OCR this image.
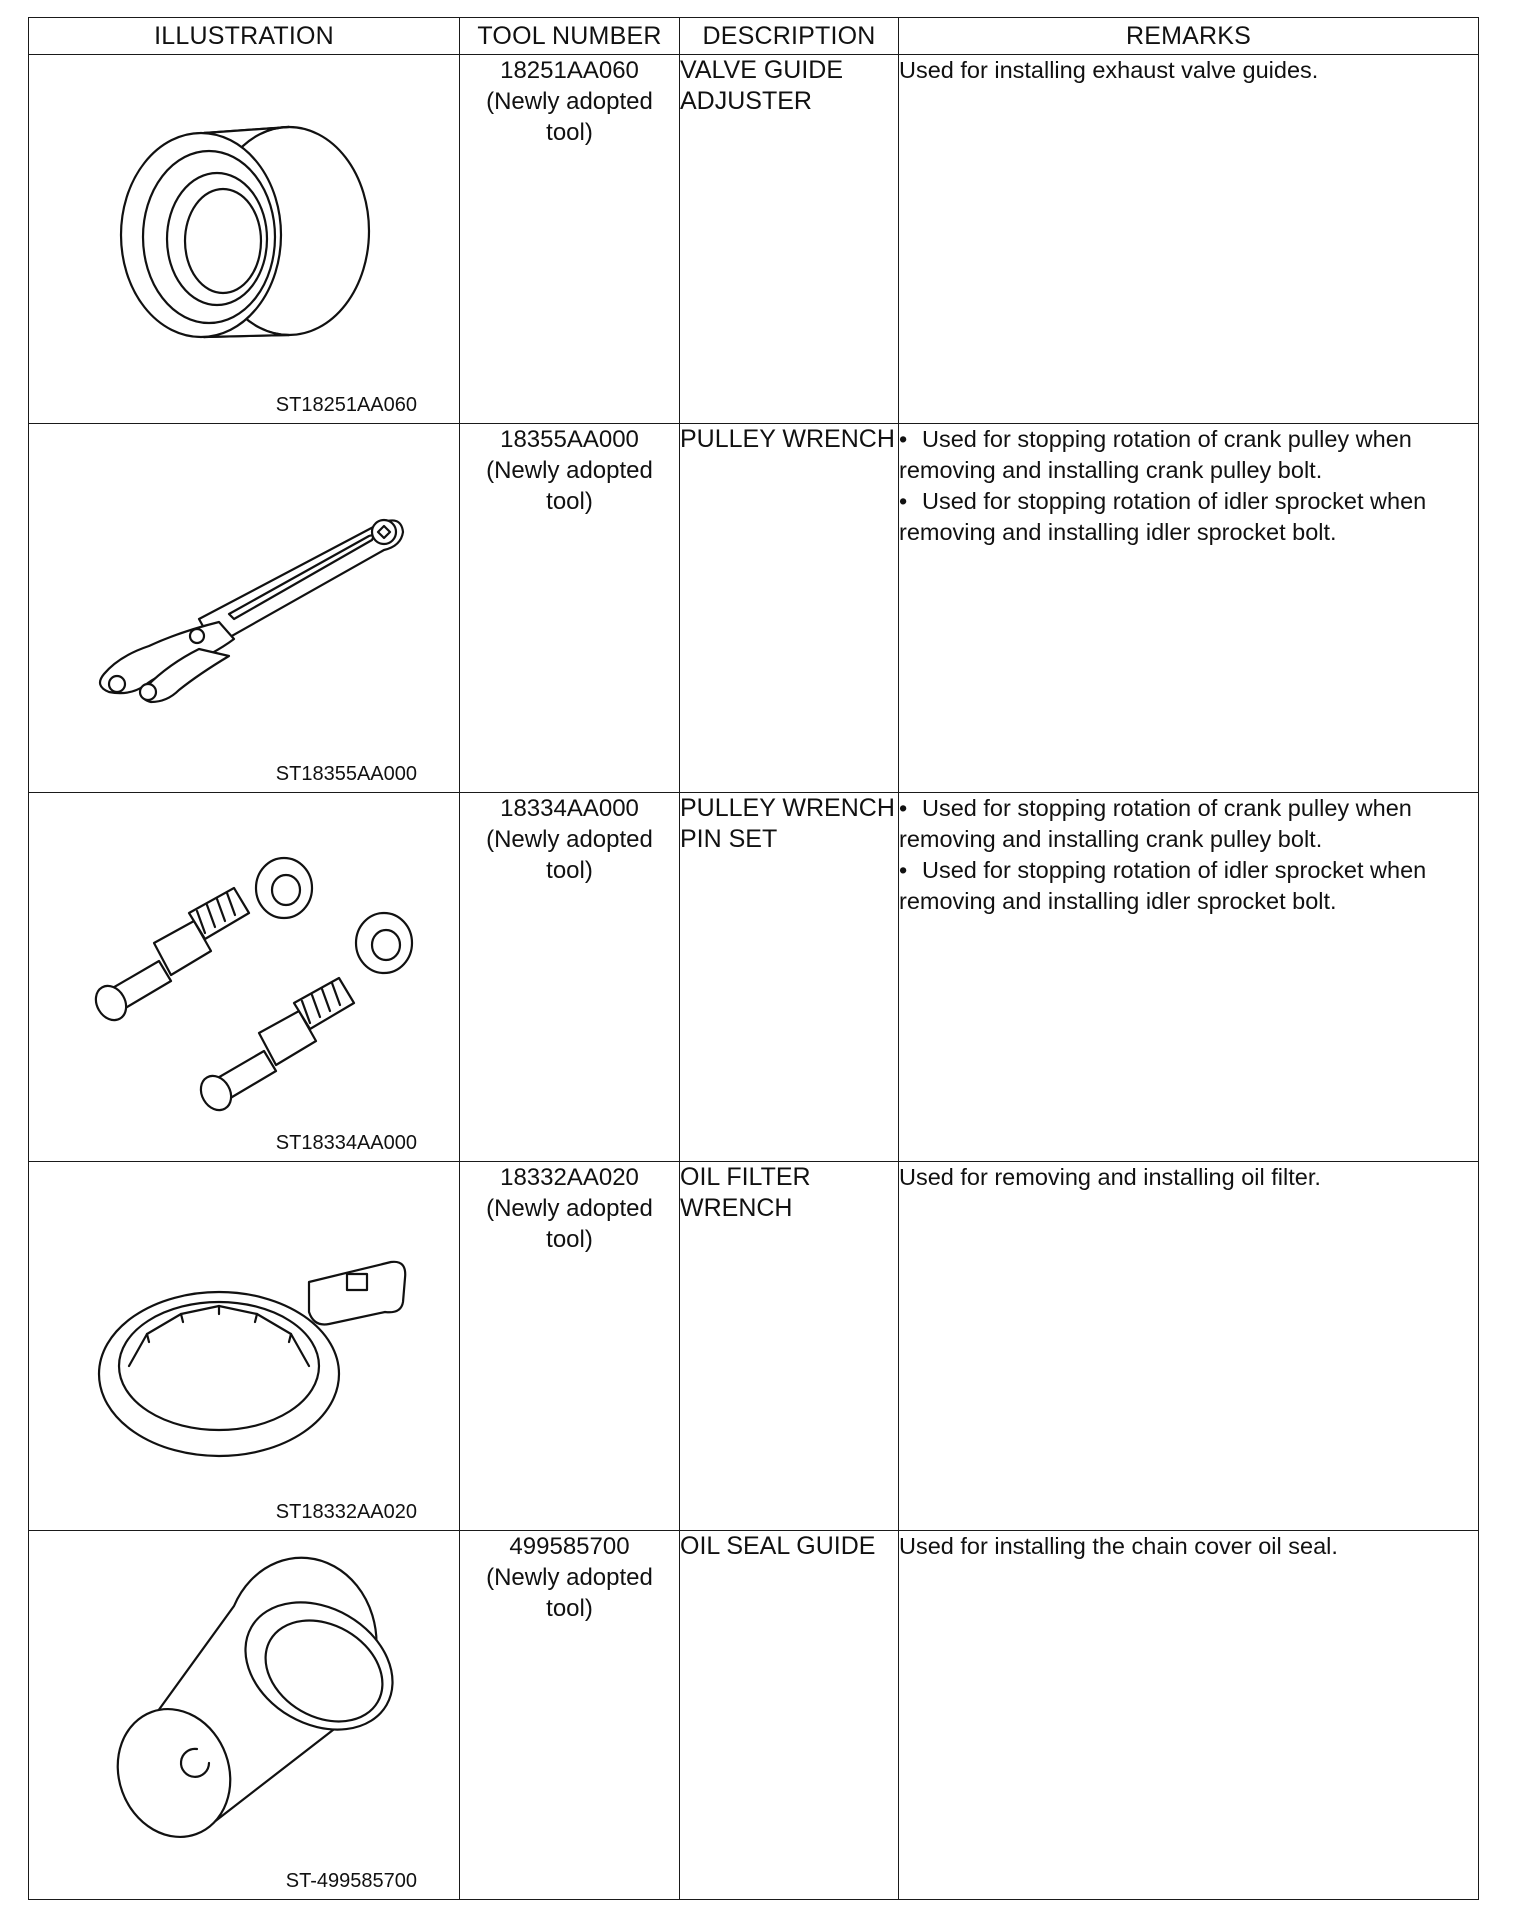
ILLUSTRATION	TOOL NUMBER	DESCRIPTION	REMARKS

ST18251AA060	18251AA060
(Newly adopted
tool)	VALVE GUIDE ADJUSTER	Used for installing exhaust valve guides.

ST18355AA000	18355AA000
(Newly adopted
tool)	PULLEY WRENCH	• Used for stopping rotation of crank pulley when removing and installing crank pulley bolt.
• Used for stopping rotation of idler sprocket when removing and installing idler sprocket bolt.

ST18334AA000	18334AA000
(Newly adopted
tool)	PULLEY WRENCH PIN SET	• Used for stopping rotation of crank pulley when removing and installing crank pulley bolt.
• Used for stopping rotation of idler sprocket when removing and installing idler sprocket bolt.

ST18332AA020	18332AA020
(Newly adopted
tool)	OIL FILTER WRENCH	Used for removing and installing oil filter.

ST-499585700	499585700
(Newly adopted
tool)	OIL SEAL GUIDE	Used for installing the chain cover oil seal.
